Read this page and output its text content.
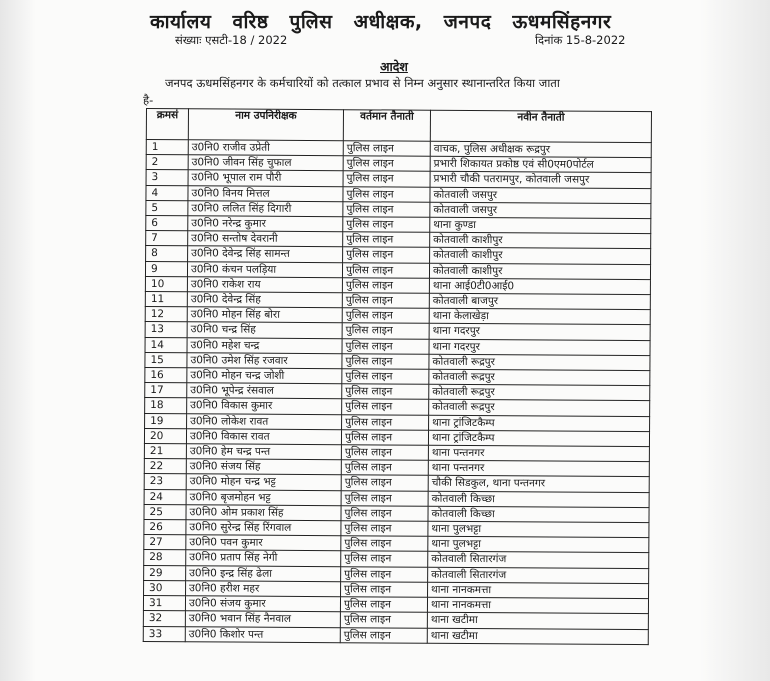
कार्यालय वरिष्ठ पुलिस अधीक्षक, जनपद ऊधमसिंहनगर
संख्याः एसटी-18 / 2022	दिनांक 15-8-2022
आदेश
जनपद ऊधमसिंहनगर के कर्मचारियों को तत्काल प्रभाव से निम्न अनुसार स्थानान्तरित किया जाता
है-
क्रमसं	नाम उपनिरीक्षक	वर्तमान तैनाती	नवीन तैनाती
1	उ0नि0 राजीव उप्रेती	पुलिस लाइन	वाचक, पुलिस अधीक्षक रूद्रपुर
2	उ0नि0 जीवन सिंह चुफाल	पुलिस लाइन	प्रभारी शिकायत प्रकोष्ठ एवं सी0एम0पोर्टल
3	उ0नि0 भूपाल राम पौरी	पुलिस लाइन	प्रभारी चौकी पतरामपुर, कोतवाली जसपुर
4	उ0नि0 विनय मित्तल	पुलिस लाइन	कोतवाली जसपुर
5	उ0नि0 ललित सिंह दिगारी	पुलिस लाइन	कोतवाली जसपुर
6	उ0नि0 नरेन्द्र कुमार	पुलिस लाइन	थाना कुण्डा
7	उ0नि0 सन्तोष देवरानी	पुलिस लाइन	कोतवाली काशीपुर
8	उ0नि0 देवेन्द्र सिंह सामन्त	पुलिस लाइन	कोतवाली काशीपुर
9	उ0नि0 कंचन पलड़िया	पुलिस लाइन	कोतवाली काशीपुर
10	उ0नि0 राकेश राय	पुलिस लाइन	थाना आई0टी0आई0
11	उ0नि0 देवेन्द्र सिंह	पुलिस लाइन	कोतवाली बाजपुर
12	उ0नि0 मोहन सिंह बोरा	पुलिस लाइन	थाना केलाखेड़ा
13	उ0नि0 चन्द्र सिंह	पुलिस लाइन	थाना गदरपुर
14	उ0नि0 महेश चन्द्र	पुलिस लाइन	थाना गदरपुर
15	उ0नि0 उमेश सिंह रजवार	पुलिस लाइन	कोतवाली रूद्रपुर
16	उ0नि0 मोहन चन्द्र जोशी	पुलिस लाइन	कोतवाली रूद्रपुर
17	उ0नि0 भूपेन्द्र रंसवाल	पुलिस लाइन	कोतवाली रूद्रपुर
18	उ0नि0 विकास कुमार	पुलिस लाइन	कोतवाली रूद्रपुर
19	उ0नि0 लोकेश रावत	पुलिस लाइन	थाना ट्रांजिटकैम्प
20	उ0नि0 विकास रावत	पुलिस लाइन	थाना ट्रांजिटकैम्प
21	उ0नि0 हेम चन्द्र पन्त	पुलिस लाइन	थाना पन्तनगर
22	उ0नि0 संजय सिंह	पुलिस लाइन	थाना पन्तनगर
23	उ0नि0 मोहन चन्द्र भट्ट	पुलिस लाइन	चौकी सिडकुल, थाना पन्तनगर
24	उ0नि0 बृजमोहन भट्ट	पुलिस लाइन	कोतवाली किच्छा
25	उ0नि0 ओम प्रकाश सिंह	पुलिस लाइन	कोतवाली किच्छा
26	उ0नि0 सुरेन्द्र सिंह रिंगवाल	पुलिस लाइन	थाना पुलभट्टा
27	उ0नि0 पवन कुमार	पुलिस लाइन	थाना पुलभट्टा
28	उ0नि0 प्रताप सिंह नेगी	पुलिस लाइन	कोतवाली सितारगंज
29	उ0नि0 इन्द्र सिंह ढेला	पुलिस लाइन	कोतवाली सितारगंज
30	उ0नि0 हरीश महर	पुलिस लाइन	थाना नानकमत्ता
31	उ0नि0 संजय कुमार	पुलिस लाइन	थाना नानकमत्ता
32	उ0नि0 भवान सिंह नैनवाल	पुलिस लाइन	थाना खटीमा
33	उ0नि0 किशोर पन्त	पुलिस लाइन	थाना खटीमा
